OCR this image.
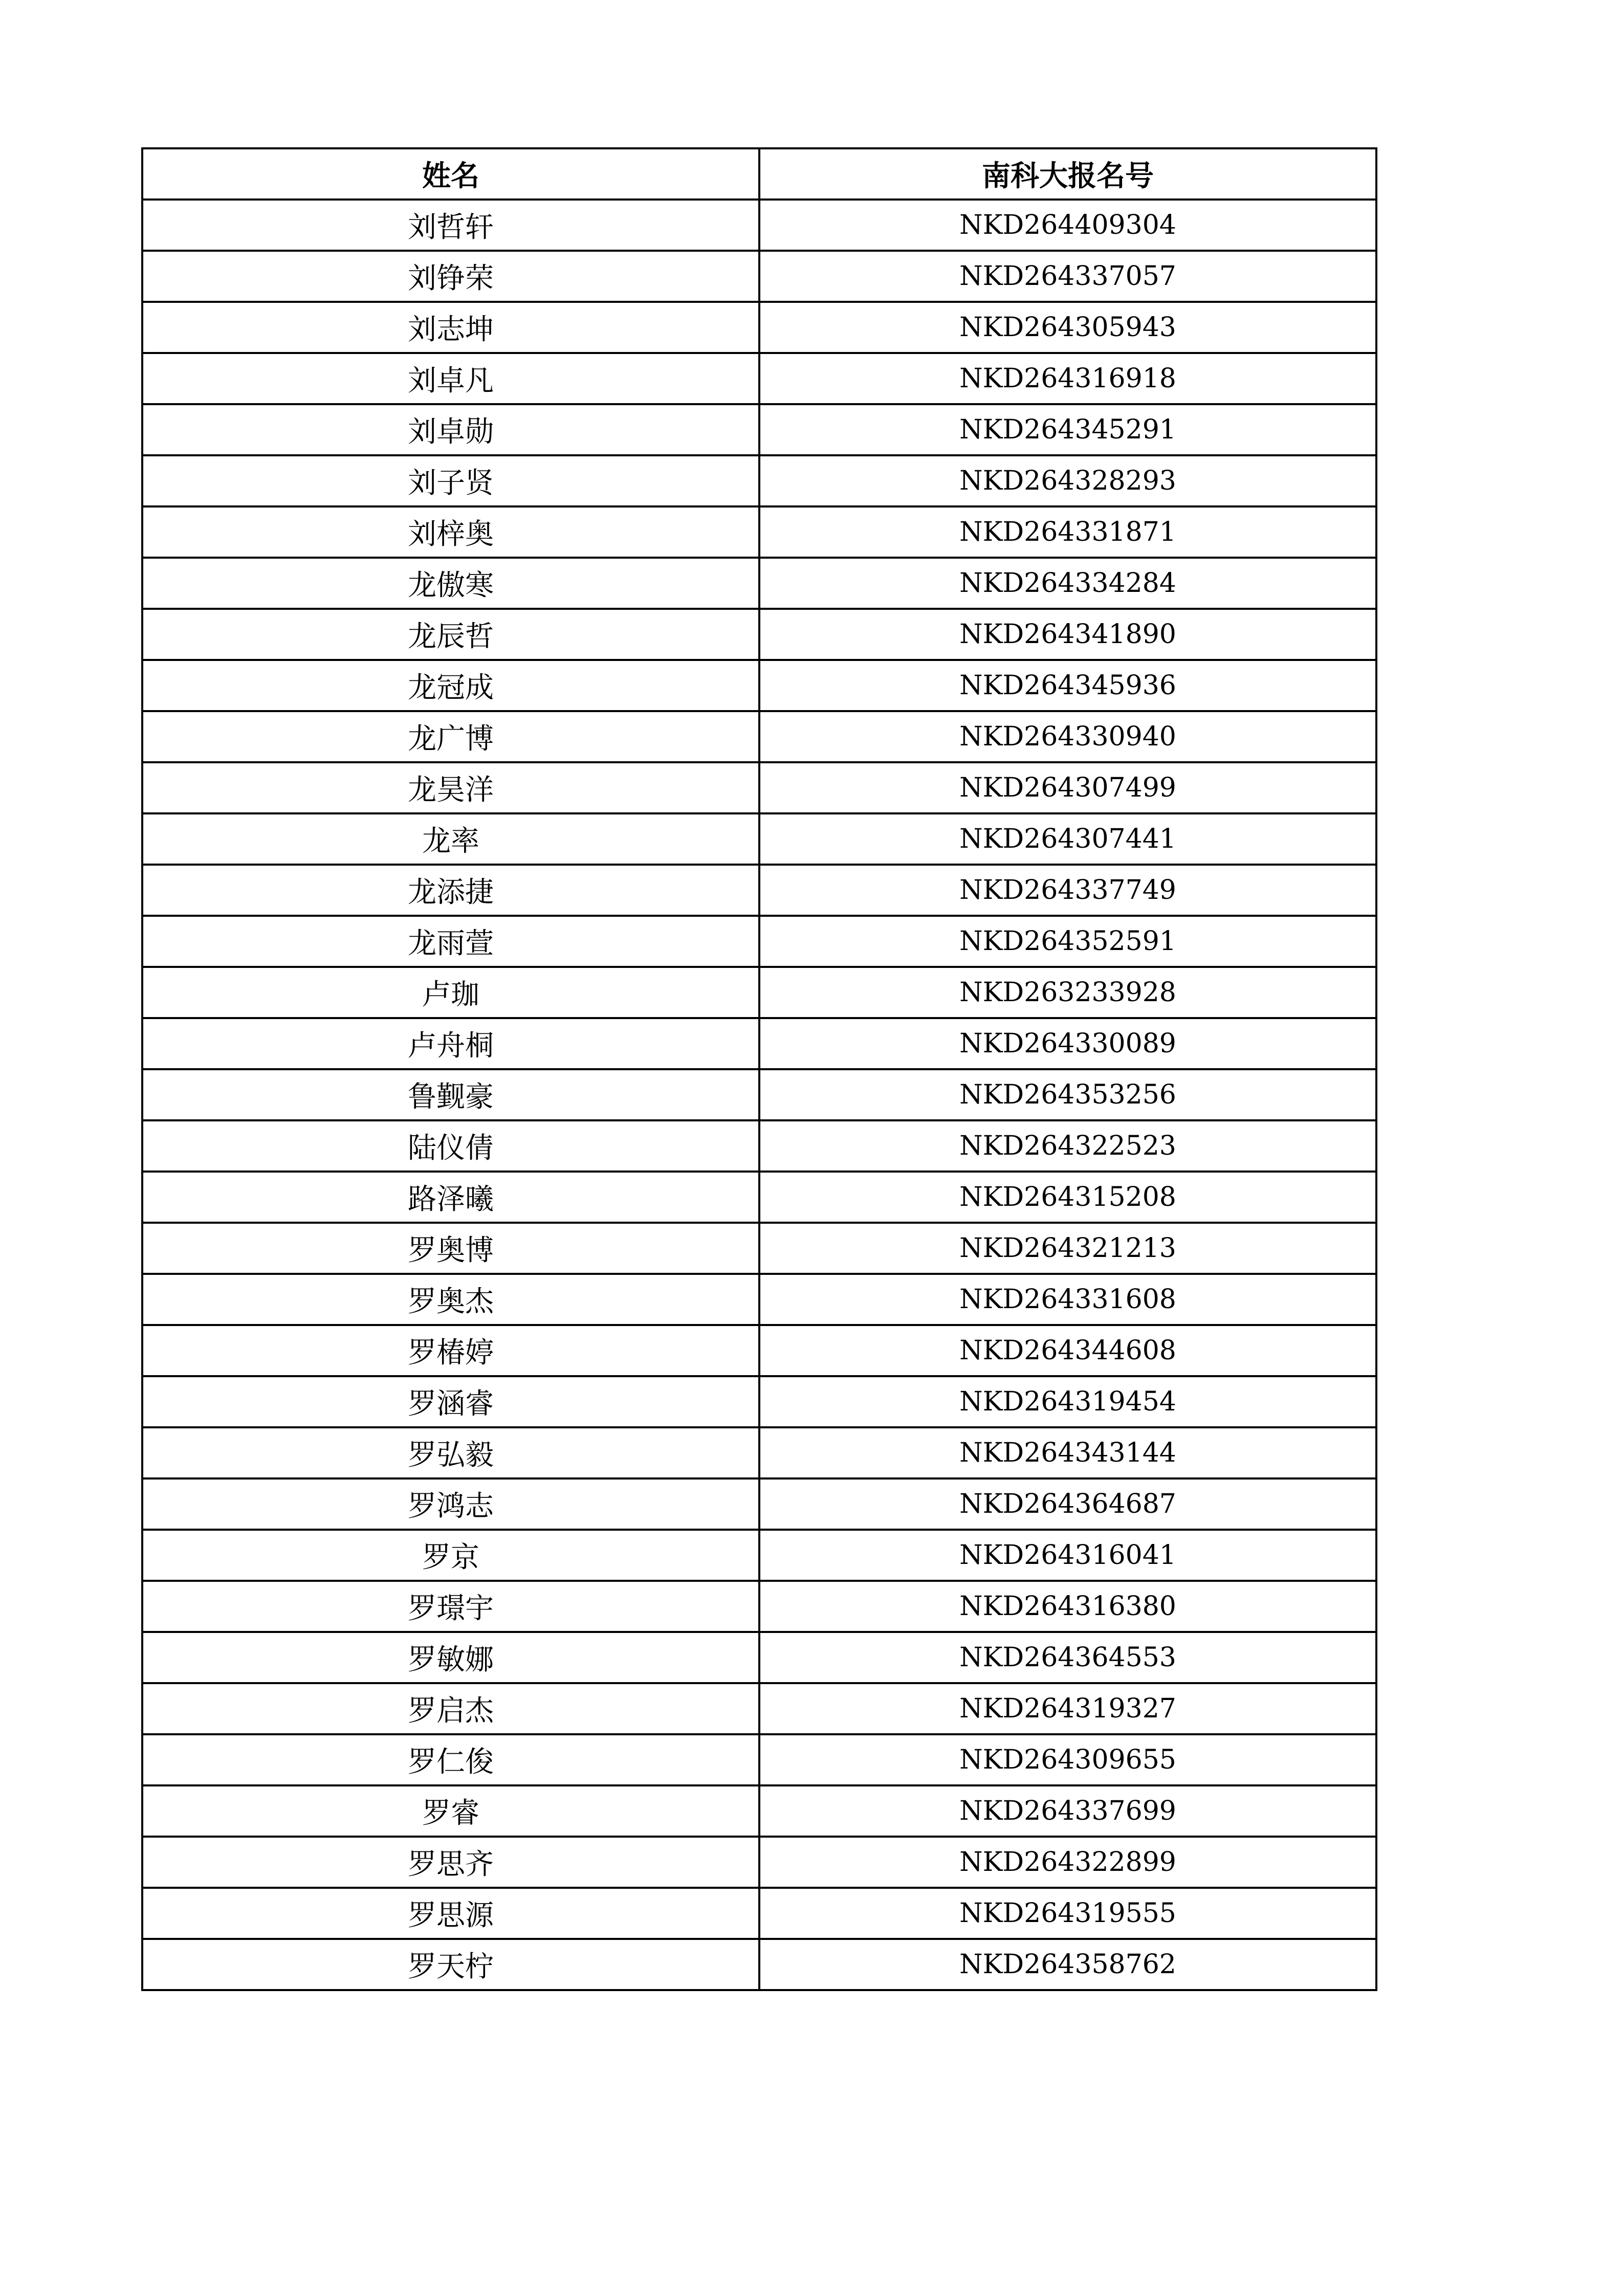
姓名	南科大报名号
刘哲轩	NKD264409304
刘铮荣	NKD264337057
刘志坤	NKD264305943
刘卓凡	NKD264316918
刘卓勋	NKD264345291
刘子贤	NKD264328293
刘梓奥	NKD264331871
龙傲寒	NKD264334284
龙辰哲	NKD264341890
龙冠成	NKD264345936
龙广博	NKD264330940
龙昊洋	NKD264307499
龙率	NKD264307441
龙添捷	NKD264337749
龙雨萱	NKD264352591
卢珈	NKD263233928
卢舟桐	NKD264330089
鲁觐豪	NKD264353256
陆仪倩	NKD264322523
路泽曦	NKD264315208
罗奥博	NKD264321213
罗奥杰	NKD264331608
罗椿婷	NKD264344608
罗涵睿	NKD264319454
罗弘毅	NKD264343144
罗鸿志	NKD264364687
罗京	NKD264316041
罗璟宇	NKD264316380
罗敏娜	NKD264364553
罗启杰	NKD264319327
罗仁俊	NKD264309655
罗睿	NKD264337699
罗思齐	NKD264322899
罗思源	NKD264319555
罗天柠	NKD264358762
